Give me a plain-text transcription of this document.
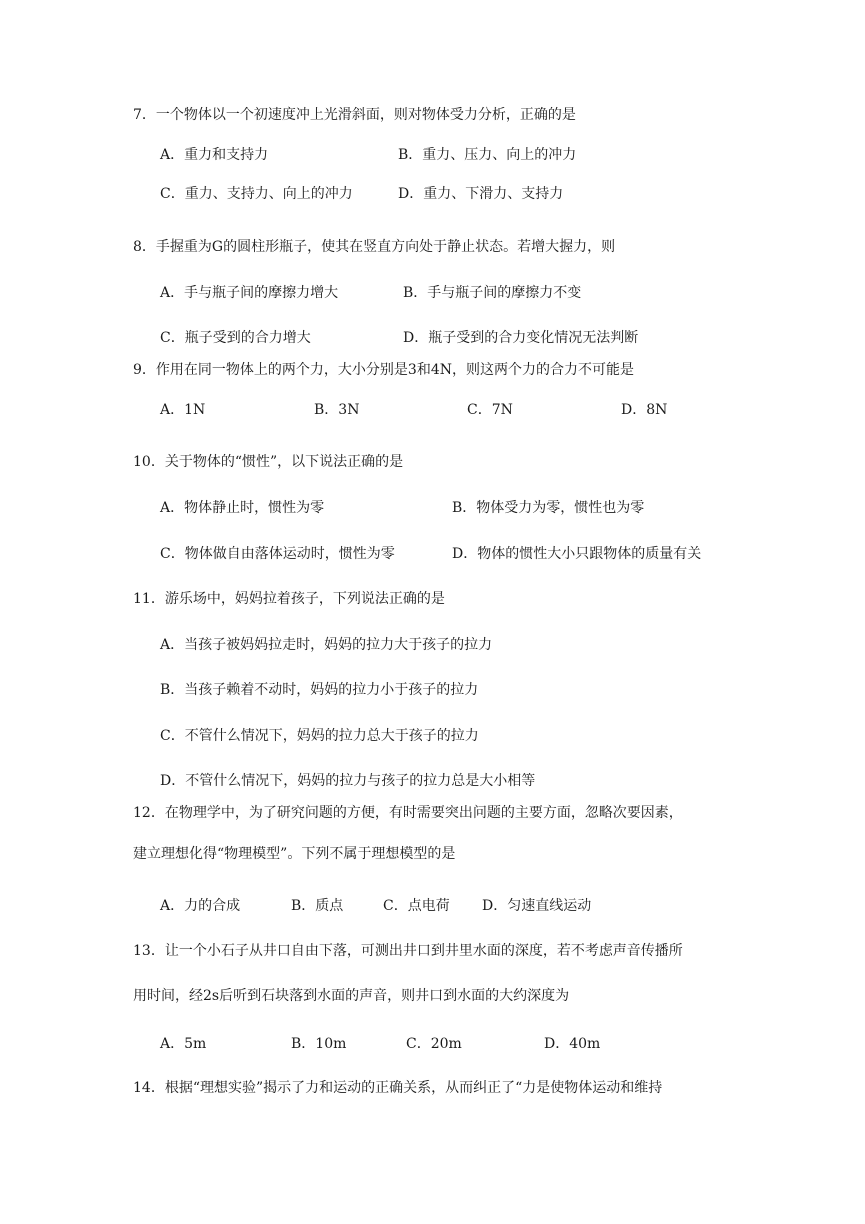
7．一个物体以一个初速度冲上光滑斜面，则对物体受力分析，正确的是
A．重力和支持力	B．重力、压力、向上的冲力
C．重力、支持力、向上的冲力	D．重力、下滑力、支持力
8．手握重为G的圆柱形瓶子，使其在竖直方向处于静止状态。若增大握力，则
A．手与瓶子间的摩擦力增大	B．手与瓶子间的摩擦力不变
C．瓶子受到的合力增大	D．瓶子受到的合力变化情况无法判断
9．作用在同一物体上的两个力，大小分别是3和4N，则这两个力的合力不可能是
A．1N	B．3N	C．7N	D．8N
10．关于物体的“惯性”，以下说法正确的是
A．物体静止时，惯性为零	B．物体受力为零，惯性也为零
C．物体做自由落体运动时，惯性为零	D．物体的惯性大小只跟物体的质量有关
11．游乐场中，妈妈拉着孩子，下列说法正确的是
A．当孩子被妈妈拉走时，妈妈的拉力大于孩子的拉力
B．当孩子赖着不动时，妈妈的拉力小于孩子的拉力
C．不管什么情况下，妈妈的拉力总大于孩子的拉力
D．不管什么情况下，妈妈的拉力与孩子的拉力总是大小相等
12．在物理学中，为了研究问题的方便，有时需要突出问题的主要方面，忽略次要因素，
建立理想化得“物理模型”。下列不属于理想模型的是
A．力的合成	B．质点	C．点电荷 D．匀速直线运动
13．让一个小石子从井口自由下落，可测出井口到井里水面的深度，若不考虑声音传播所
用时间，经2s后听到石块落到水面的声音，则井口到水面的大约深度为
A．5m	B．10m	C．20m	D．40m
14．根据“理想实验”揭示了力和运动的正确关系，从而纠正了“力是使物体运动和维持
